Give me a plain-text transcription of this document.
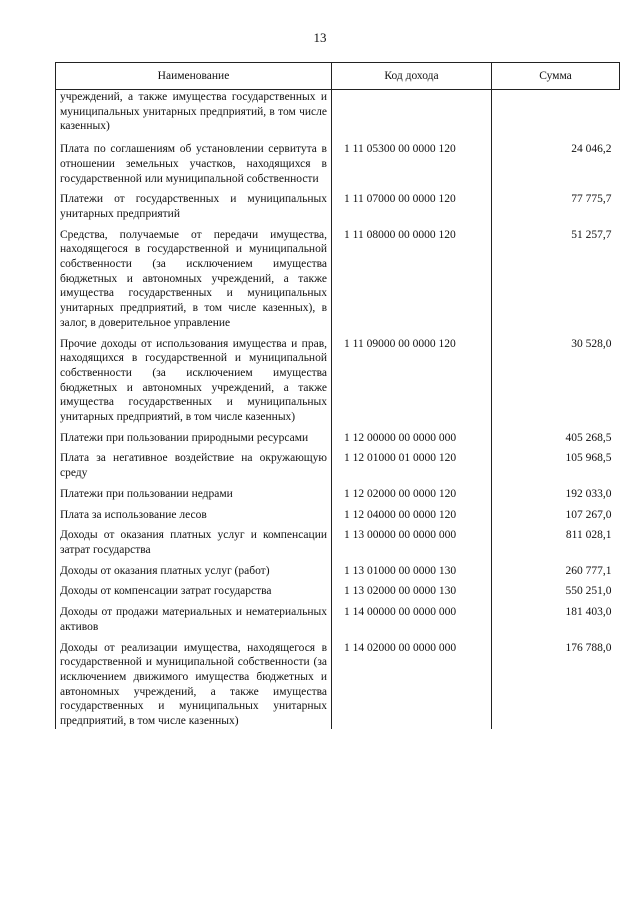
13
Наименование	Код дохода	Сумма
учреждений, а также имущества государственных и муниципальных унитарных предприятий, в том числе казенных)		
Плата по соглашениям об установлении сервитута в отношении земельных участков, находящихся в государственной или муниципальной собственности	1 11 05300 00 0000 120	24 046,2
Платежи от государственных и муниципальных унитарных предприятий	1 11 07000 00 0000 120	77 775,7
Средства, получаемые от передачи имущества, находящегося в государственной и муниципальной собственности (за исключением имущества бюджетных и автономных учреждений, а также имущества государственных и муниципальных унитарных предприятий, в том числе казенных), в залог, в доверительное управление	1 11 08000 00 0000 120	51 257,7
Прочие доходы от использования имущества и прав, находящихся в государственной и муниципальной собственности (за исключением имущества бюджетных и автономных учреждений, а также имущества государственных и муниципальных унитарных предприятий, в том числе казенных)	1 11 09000 00 0000 120	30 528,0
Платежи при пользовании природными ресурсами	1 12 00000 00 0000 000	405 268,5
Плата за негативное воздействие на окружающую среду	1 12 01000 01 0000 120	105 968,5
Платежи при пользовании недрами	1 12 02000 00 0000 120	192 033,0
Плата за использование лесов	1 12 04000 00 0000 120	107 267,0
Доходы от оказания платных услуг и компенсации затрат государства	1 13 00000 00 0000 000	811 028,1
Доходы от оказания платных услуг (работ)	1 13 01000 00 0000 130	260 777,1
Доходы от компенсации затрат государства	1 13 02000 00 0000 130	550 251,0
Доходы от продажи материальных и нематериальных активов	1 14 00000 00 0000 000	181 403,0
Доходы от реализации имущества, находящегося в государственной и муниципальной собственности (за исключением движимого имущества бюджетных и автономных учреждений, а также имущества государственных и муниципальных унитарных предприятий, в том числе казенных)	1 14 02000 00 0000 000	176 788,0
